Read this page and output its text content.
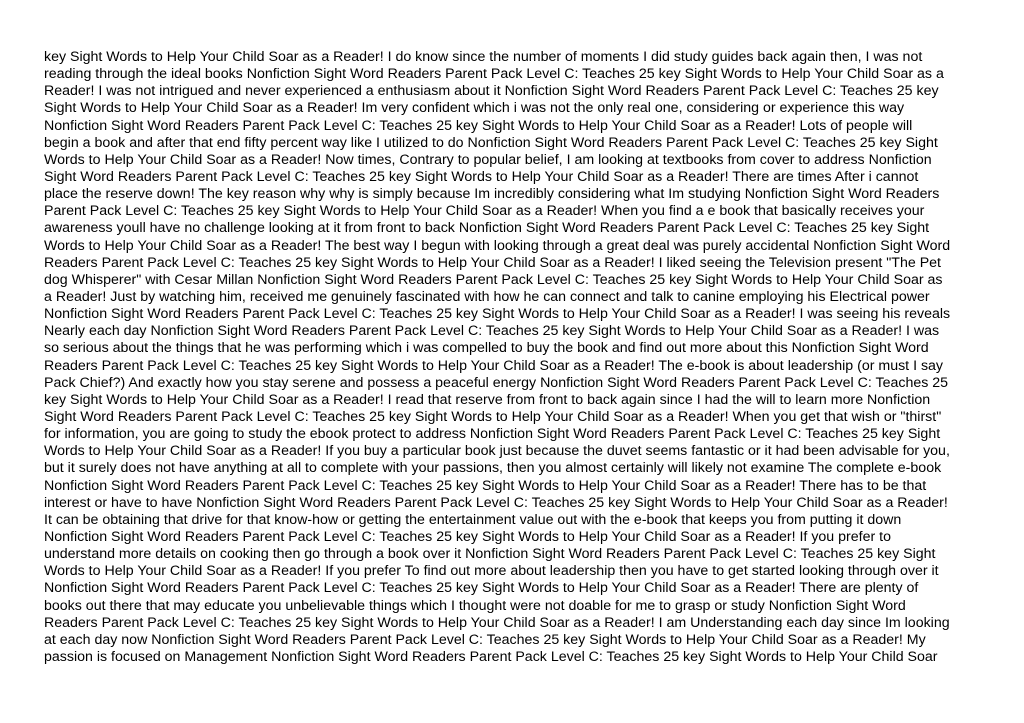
key Sight Words to Help Your Child Soar as a Reader! I do know since the number of moments I did study guides back again then, I was not
reading through the ideal books Nonfiction Sight Word Readers Parent Pack Level C: Teaches 25 key Sight Words to Help Your Child Soar as a
Reader! I was not intrigued and never experienced a enthusiasm about it Nonfiction Sight Word Readers Parent Pack Level C: Teaches 25 key
Sight Words to Help Your Child Soar as a Reader! Im very confident which i was not the only real one, considering or experience this way
Nonfiction Sight Word Readers Parent Pack Level C: Teaches 25 key Sight Words to Help Your Child Soar as a Reader! Lots of people will
begin a book and after that end fifty percent way like I utilized to do Nonfiction Sight Word Readers Parent Pack Level C: Teaches 25 key Sight
Words to Help Your Child Soar as a Reader! Now times, Contrary to popular belief, I am looking at textbooks from cover to address Nonfiction
Sight Word Readers Parent Pack Level C: Teaches 25 key Sight Words to Help Your Child Soar as a Reader! There are times After i cannot
place the reserve down! The key reason why why is simply because Im incredibly considering what Im studying Nonfiction Sight Word Readers
Parent Pack Level C: Teaches 25 key Sight Words to Help Your Child Soar as a Reader! When you find a e book that basically receives your
awareness youll have no challenge looking at it from front to back Nonfiction Sight Word Readers Parent Pack Level C: Teaches 25 key Sight
Words to Help Your Child Soar as a Reader! The best way I begun with looking through a great deal was purely accidental Nonfiction Sight Word
Readers Parent Pack Level C: Teaches 25 key Sight Words to Help Your Child Soar as a Reader! I liked seeing the Television present "The Pet
dog Whisperer" with Cesar Millan Nonfiction Sight Word Readers Parent Pack Level C: Teaches 25 key Sight Words to Help Your Child Soar as
a Reader! Just by watching him, received me genuinely fascinated with how he can connect and talk to canine employing his Electrical power
Nonfiction Sight Word Readers Parent Pack Level C: Teaches 25 key Sight Words to Help Your Child Soar as a Reader! I was seeing his reveals
Nearly each day Nonfiction Sight Word Readers Parent Pack Level C: Teaches 25 key Sight Words to Help Your Child Soar as a Reader! I was
so serious about the things that he was performing which i was compelled to buy the book and find out more about this Nonfiction Sight Word
Readers Parent Pack Level C: Teaches 25 key Sight Words to Help Your Child Soar as a Reader! The e-book is about leadership (or must I say
Pack Chief?) And exactly how you stay serene and possess a peaceful energy Nonfiction Sight Word Readers Parent Pack Level C: Teaches 25
key Sight Words to Help Your Child Soar as a Reader! I read that reserve from front to back again since I had the will to learn more Nonfiction
Sight Word Readers Parent Pack Level C: Teaches 25 key Sight Words to Help Your Child Soar as a Reader! When you get that wish or "thirst"
for information, you are going to study the ebook protect to address Nonfiction Sight Word Readers Parent Pack Level C: Teaches 25 key Sight
Words to Help Your Child Soar as a Reader! If you buy a particular book just because the duvet seems fantastic or it had been advisable for you,
but it surely does not have anything at all to complete with your passions, then you almost certainly will likely not examine The complete e-book
Nonfiction Sight Word Readers Parent Pack Level C: Teaches 25 key Sight Words to Help Your Child Soar as a Reader! There has to be that
interest or have to have Nonfiction Sight Word Readers Parent Pack Level C: Teaches 25 key Sight Words to Help Your Child Soar as a Reader!
It can be obtaining that drive for that know-how or getting the entertainment value out with the e-book that keeps you from putting it down
Nonfiction Sight Word Readers Parent Pack Level C: Teaches 25 key Sight Words to Help Your Child Soar as a Reader! If you prefer to
understand more details on cooking then go through a book over it Nonfiction Sight Word Readers Parent Pack Level C: Teaches 25 key Sight
Words to Help Your Child Soar as a Reader! If you prefer To find out more about leadership then you have to get started looking through over it
Nonfiction Sight Word Readers Parent Pack Level C: Teaches 25 key Sight Words to Help Your Child Soar as a Reader! There are plenty of
books out there that may educate you unbelievable things which I thought were not doable for me to grasp or study Nonfiction Sight Word
Readers Parent Pack Level C: Teaches 25 key Sight Words to Help Your Child Soar as a Reader! I am Understanding each day since Im looking
at each day now Nonfiction Sight Word Readers Parent Pack Level C: Teaches 25 key Sight Words to Help Your Child Soar as a Reader! My
passion is focused on Management Nonfiction Sight Word Readers Parent Pack Level C: Teaches 25 key Sight Words to Help Your Child Soar
